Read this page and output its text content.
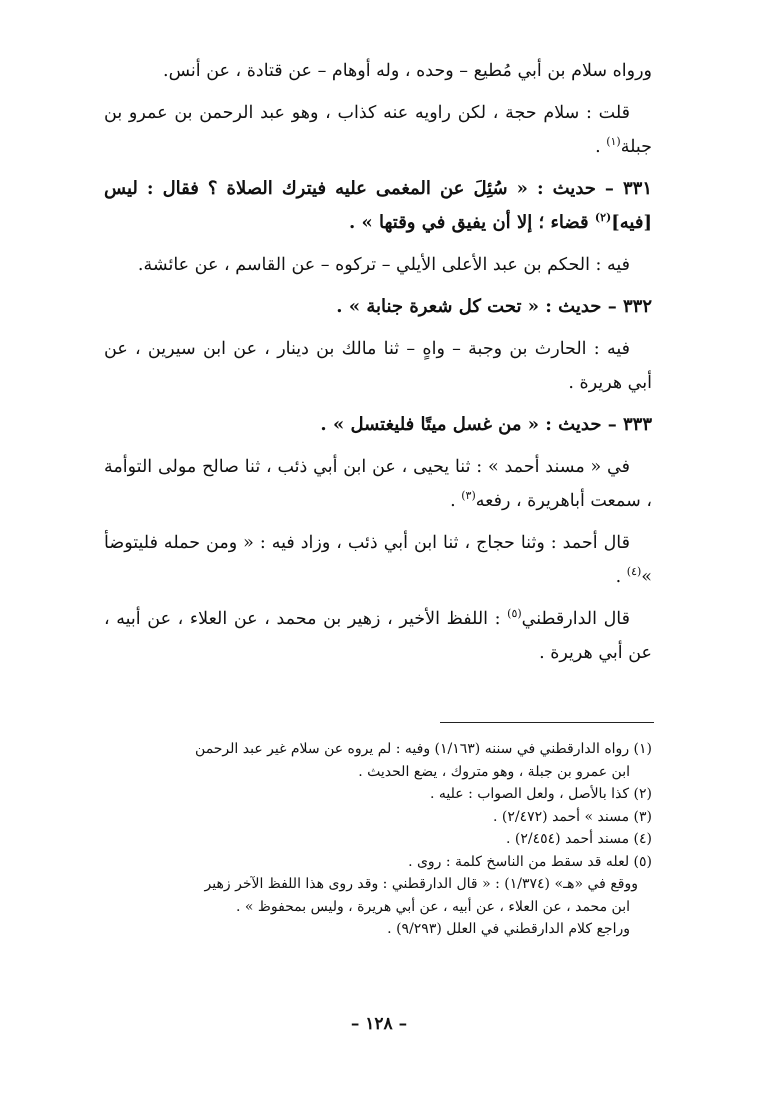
ورواه سلام بن أبي مُطيع – وحده ، وله أوهام – عن قتادة ، عن أنس.

قلت : سلام حجة ، لكن راويه عنه كذاب ، وهو عبد الرحمن بن عمرو بن جبلة$^{(١)}$ .

٣٣١ – حديث : « سُئِلَ عن المغمى عليه فيترك الصلاة ؟ فقال : ليس [فيه]$^{(٢)}$ قضاء ؛ إلا أن يفيق في وقتها » .

فيه : الحكم بن عبد الأعلى الأيلي – تركوه – عن القاسم ، عن عائشة.

٣٣٢ – حديث : « تحت كل شعرة جنابة » .

فيه : الحارث بن وجبة – واهٍ – ثنا مالك بن دينار ، عن ابن سيرين ، عن أبي هريرة .

٣٣٣ – حديث : « من غسل ميتًا فليغتسل » .

في « مسند أحمد » : ثنا يحيى ، عن ابن أبي ذئب ، ثنا صالح مولى التوأمة ، سمعت أباهريرة ، رفعه$^{(٣)}$ .

قال أحمد : وثنا حجاج ، ثنا ابن أبي ذئب ، وزاد فيه : « ومن حمله فليتوضأ »$^{(٤)}$ .

قال الدارقطني$^{(٥)}$ : اللفظ الأخير ، زهير بن محمد ، عن العلاء ، عن أبيه ، عن أبي هريرة .

(١) رواه الدارقطني في سننه (١/١٦٣) وفيه : لم يروه عن سلام غير عبد الرحمن

ابن عمرو بن جبلة ، وهو متروك ، يضع الحديث .

(٢) كذا بالأصل ، ولعل الصواب : عليه .

(٣) مسند » أحمد (٢/٤٧٢) .

(٤) مسند أحمد (٢/٤٥٤) .

(٥) لعله قد سقط من الناسخ كلمة : روى .

ووقع في «هـ» (١/٣٧٤) : « قال الدارقطني : وقد روى هذا اللفظ الآخر زهير

ابن محمد ، عن العلاء ، عن أبيه ، عن أبي هريرة ، وليس بمحفوظ » .

وراجع كلام الدارقطني في العلل (٩/٢٩٣) .

– ١٢٨ –
